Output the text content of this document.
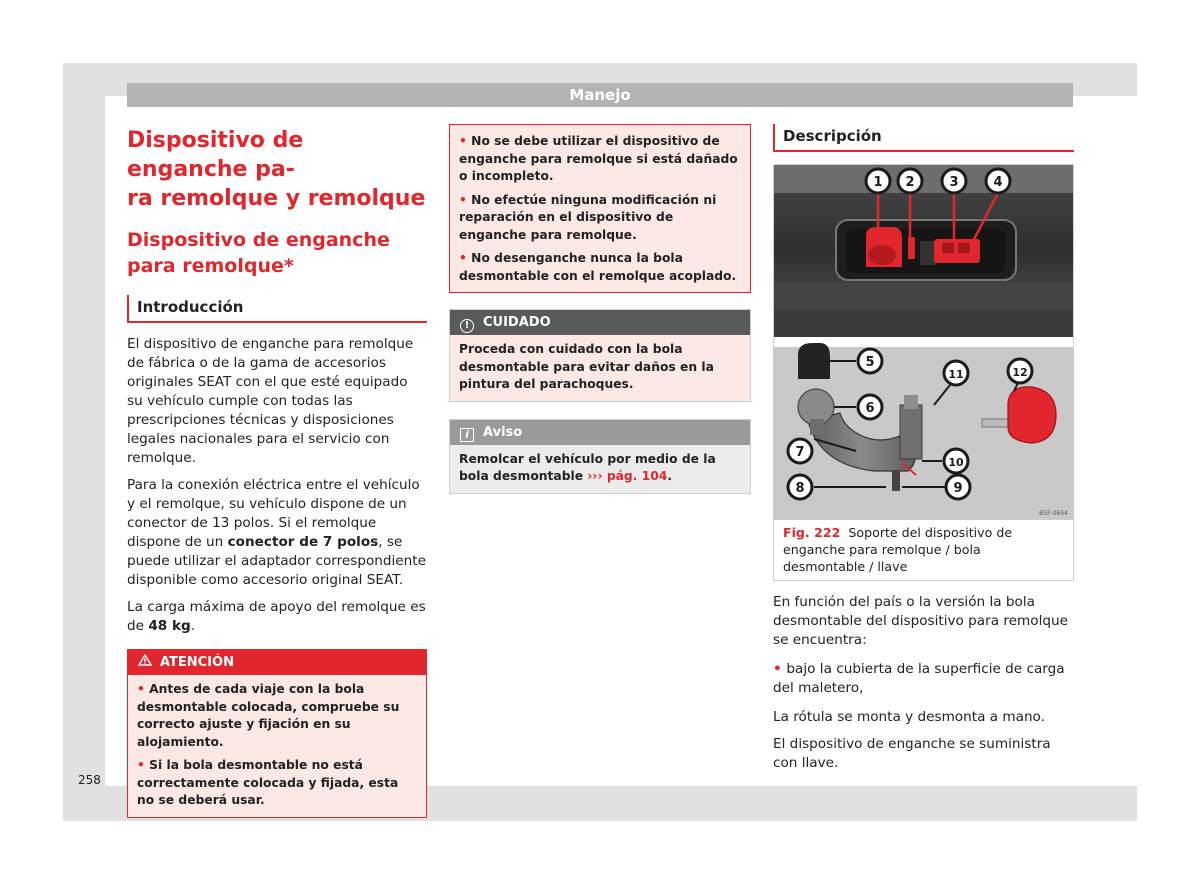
Manejo
Dispositivo de enganche pa-
ra remolque y remolque
Dispositivo de enganche para remolque*
Introducción

El dispositivo de enganche para remolque de fábrica o de la gama de accesorios originales SEAT con el que esté equipado su vehículo cumple con todas las prescripciones técnicas y disposiciones legales nacionales para el servicio con remolque.

Para la conexión eléctrica entre el vehículo y el remolque, su vehículo dispone de un conector de 13 polos. Si el remolque dispone de un conector de 7 polos, se puede utilizar el adaptador correspondiente disponible como accesorio original SEAT.

La carga máxima de apoyo del remolque es de 48 kg.

ATENCIÓN
• Antes de cada viaje con la bola desmontable colocada, compruebe su correcto ajuste y fijación en su alojamiento.
• Si la bola desmontable no está correctamente colocada y fijada, esta no se deberá usar.
• No se debe utilizar el dispositivo de enganche para remolque si está dañado o incompleto.
• No efectúe ninguna modificación ni reparación en el dispositivo de enganche para remolque.
• No desenganche nunca la bola desmontable con el remolque acoplado.
! CUIDADO
Proceda con cuidado con la bola desmontable para evitar daños en la pintura del parachoques.
i Aviso
Remolcar el vehículo por medio de la bola desmontable ››› pág. 104.
Descripción
1 2	3	4
5
6
7
8	9
10
11	12
B5F-0654
Fig. 222 Soporte del dispositivo de enganche para remolque / bola desmontable / llave

En función del país o la versión la bola desmontable del dispositivo para remolque se encuentra:

• bajo la cubierta de la superficie de carga del maletero,

La rótula se monta y desmonta a mano.

El dispositivo de enganche se suministra con llave.

258
